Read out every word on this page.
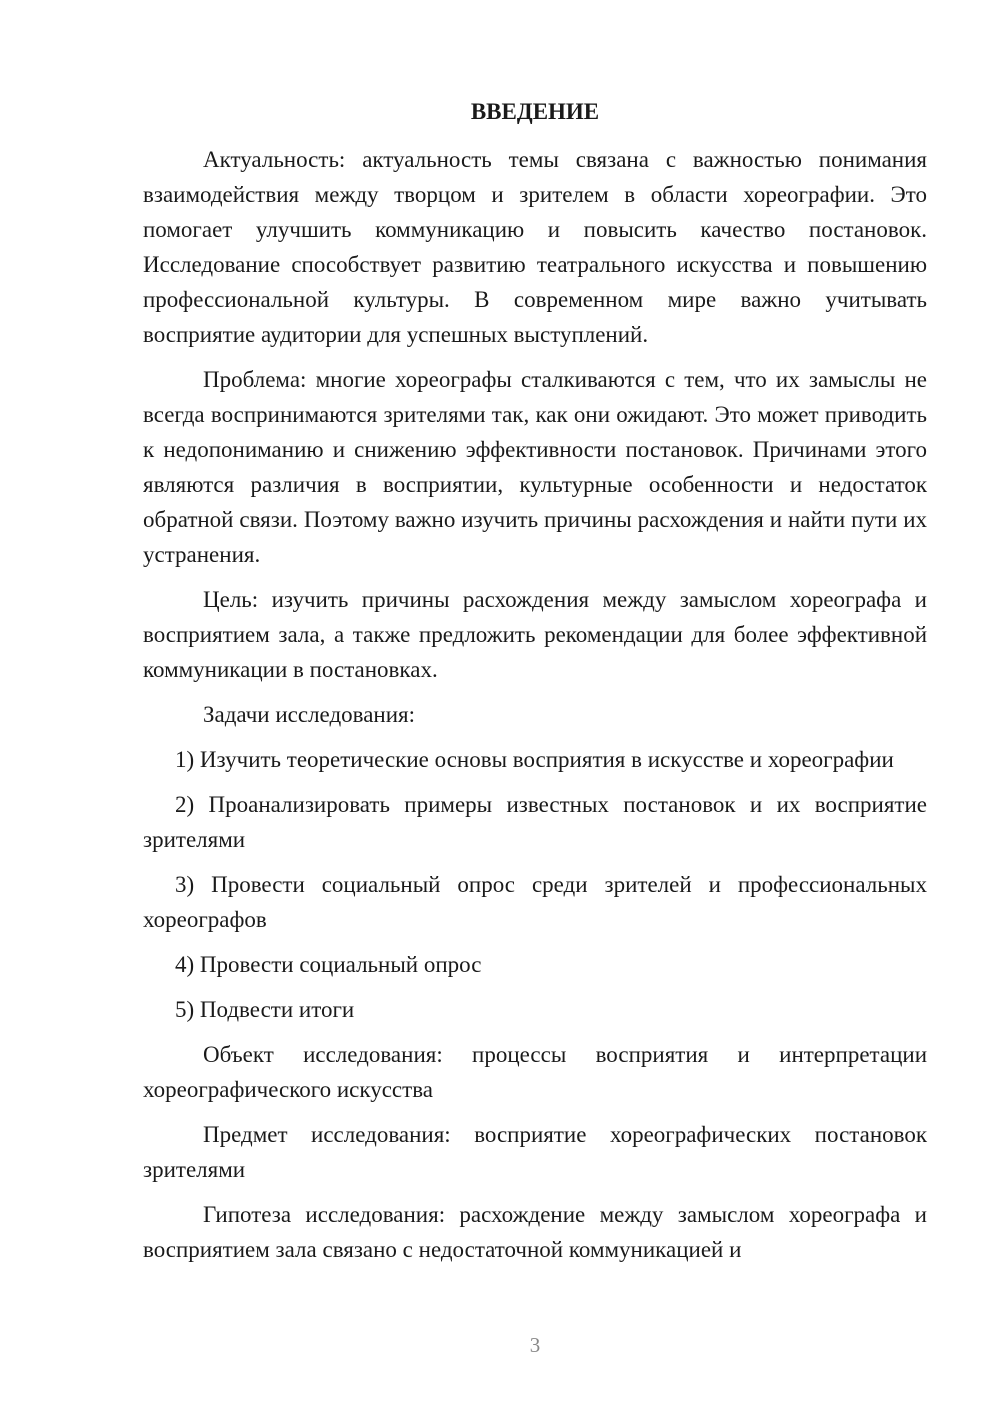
ВВЕДЕНИЕ

Актуальность: актуальность темы связана с важностью понимания взаимодействия между творцом и зрителем в области хореографии. Это помогает улучшить коммуникацию и повысить качество постановок. Исследование способствует развитию театрального искусства и повышению профессиональной культуры. В современном мире важно учитывать восприятие аудитории для успешных выступлений.

Проблема: многие хореографы сталкиваются с тем, что их замыслы не всегда воспринимаются зрителями так, как они ожидают. Это может приводить к недопониманию и снижению эффективности постановок. Причинами этого являются различия в восприятии, культурные особенности и недостаток обратной связи. Поэтому важно изучить причины расхождения и найти пути их устранения.

Цель: изучить причины расхождения между замыслом хореографа и восприятием зала, а также предложить рекомендации для более эффективной коммуникации в постановках.

Задачи исследования:

1) Изучить теоретические основы восприятия в искусстве и хореографии

2) Проанализировать примеры известных постановок и их восприятие зрителями

3) Провести социальный опрос среди зрителей и профессиональных хореографов

4) Провести социальный опрос

5) Подвести итоги

Объект исследования: процессы восприятия и интерпретации хореографического искусства

Предмет исследования: восприятие хореографических постановок зрителями

Гипотеза исследования: расхождение между замыслом хореографа и восприятием зала связано с недостаточной коммуникацией и

3
